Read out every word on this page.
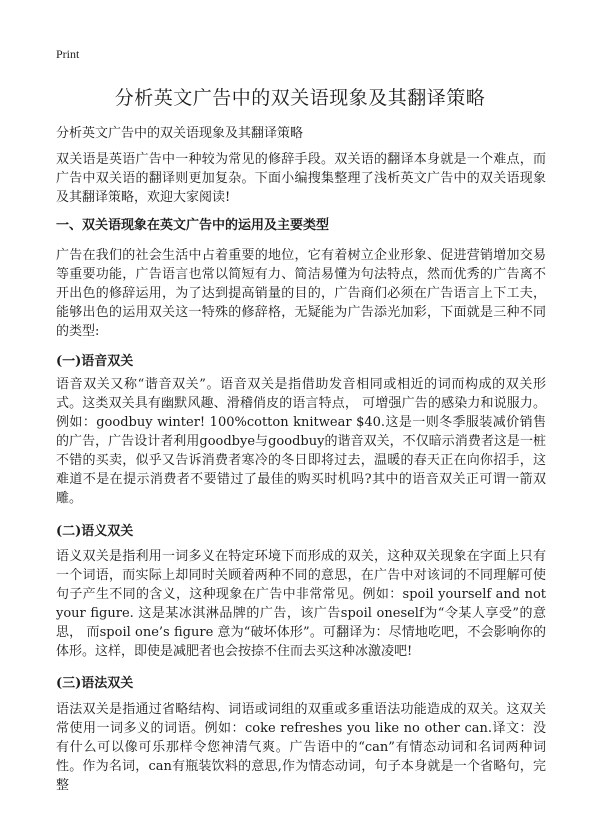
Print
分析英文广告中的双关语现象及其翻译策略

分析英文广告中的双关语现象及其翻译策略

双关语是英语广告中一种较为常见的修辞手段。双关语的翻译本身就是一个难点，而广告中双关语的翻译则更加复杂。下面小编搜集整理了浅析英文广告中的双关语现象及其翻译策略，欢迎大家阅读!

一、双关语现象在英文广告中的运用及主要类型

广告在我们的社会生活中占着重要的地位，它有着树立企业形象、促进营销增加交易等重要功能，广告语言也常以简短有力、简洁易懂为句法特点，然而优秀的广告离不开出色的修辞运用，为了达到提高销量的目的，广告商们必须在广告语言上下工夫，能够出色的运用双关这一特殊的修辞格，无疑能为广告添光加彩，下面就是三种不同的类型:

(一)语音双关

语音双关又称“谐音双关”。语音双关是指借助发音相同或相近的词而构成的双关形式。这类双关具有幽默风趣、滑稽俏皮的语言特点， 可增强广告的感染力和说服力。例如：goodbuy winter! 100%cotton knitwear $40.这是一则冬季服装减价销售的广告，广告设计者利用goodbye与goodbuy的谐音双关，不仅暗示消费者这是一桩不错的买卖，似乎又告诉消费者寒冷的冬日即将过去，温暖的春天正在向你招手，这难道不是在提示消费者不要错过了最佳的购买时机吗?其中的语音双关正可谓一箭双雕。

(二)语义双关

语义双关是指利用一词多义在特定环境下而形成的双关，这种双关现象在字面上只有一个词语，而实际上却同时关顾着两种不同的意思，在广告中对该词的不同理解可使句子产生不同的含义，这种现象在广告中非常常见。例如：spoil yourself and not your figure. 这是某冰淇淋品牌的广告，该广告spoil oneself为“令某人享受”的意思， 而spoil one’s figure 意为“破坏体形”。可翻译为：尽情地吃吧，不会影响你的体形。这样，即使是减肥者也会按捺不住而去买这种冰激凌吧!

(三)语法双关

语法双关是指通过省略结构、词语或词组的双重或多重语法功能造成的双关。这双关常使用一词多义的词语。例如：coke refreshes you like no other can.译文：没有什么可以像可乐那样令您神清气爽。广告语中的“can”有情态动词和名词两种词性。作为名词，can有瓶装饮料的意思,作为情态动词，句子本身就是一个省略句，完整
